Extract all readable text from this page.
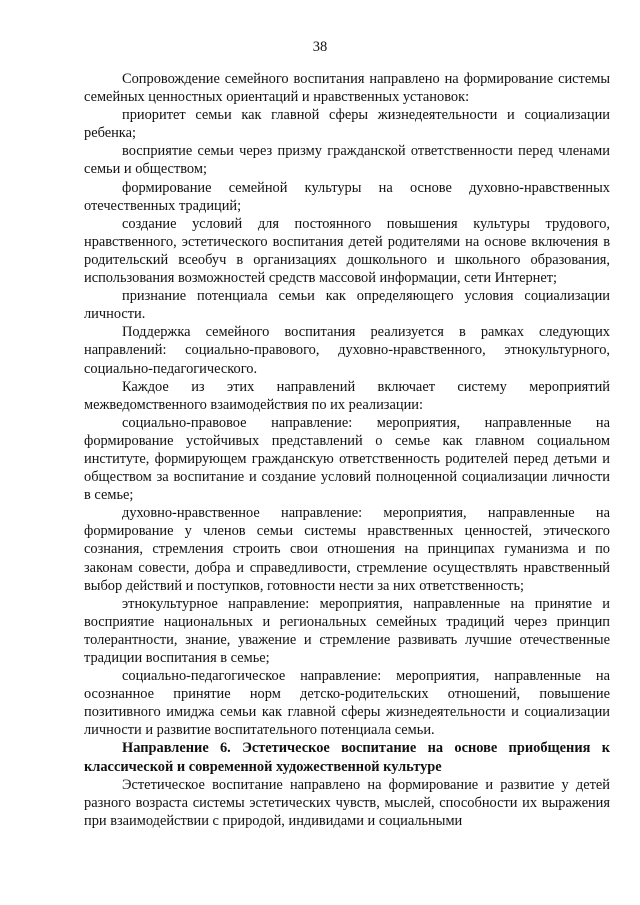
38

Сопровождение семейного воспитания направлено на формирование системы семейных ценностных ориентаций и нравственных установок:

приоритет семьи как главной сферы жизнедеятельности и социализации ребенка;

восприятие семьи через призму гражданской ответственности перед членами семьи и обществом;

формирование семейной культуры на основе духовно-нравственных отечественных традиций;

создание условий для постоянного повышения культуры трудового, нравственного, эстетического воспитания детей родителями на основе включения в родительский всеобуч в организациях дошкольного и школьного образования, использования возможностей средств массовой информации, сети Интернет;

признание потенциала семьи как определяющего условия социализации личности.

Поддержка семейного воспитания реализуется в рамках следующих направлений: социально-правового, духовно-нравственного, этнокультурного, социально-педагогического.

Каждое из этих направлений включает систему мероприятий межведомственного взаимодействия по их реализации:

социально-правовое направление: мероприятия, направленные на формирование устойчивых представлений о семье как главном социальном институте, формирующем гражданскую ответственность родителей перед детьми и обществом за воспитание и создание условий полноценной социализации личности в семье;

духовно-нравственное направление: мероприятия, направленные на формирование у членов семьи системы нравственных ценностей, этического сознания, стремления строить свои отношения на принципах гуманизма и по законам совести, добра и справедливости, стремление осуществлять нравственный выбор действий и поступков, готовности нести за них ответственность;

этнокультурное направление: мероприятия, направленные на принятие и восприятие национальных и региональных семейных традиций через принцип толерантности, знание, уважение и стремление развивать лучшие отечественные традиции воспитания в семье;

социально-педагогическое направление: мероприятия, направленные на осознанное принятие норм детско-родительских отношений, повышение позитивного имиджа семьи как главной сферы жизнедеятельности и социализации личности и развитие воспитательного потенциала семьи.

Направление 6. Эстетическое воспитание на основе приобщения к классической и современной художественной культуре

Эстетическое воспитание направлено на формирование и развитие у детей разного возраста системы эстетических чувств, мыслей, способности их выражения при взаимодействии с природой, индивидами и социальными
